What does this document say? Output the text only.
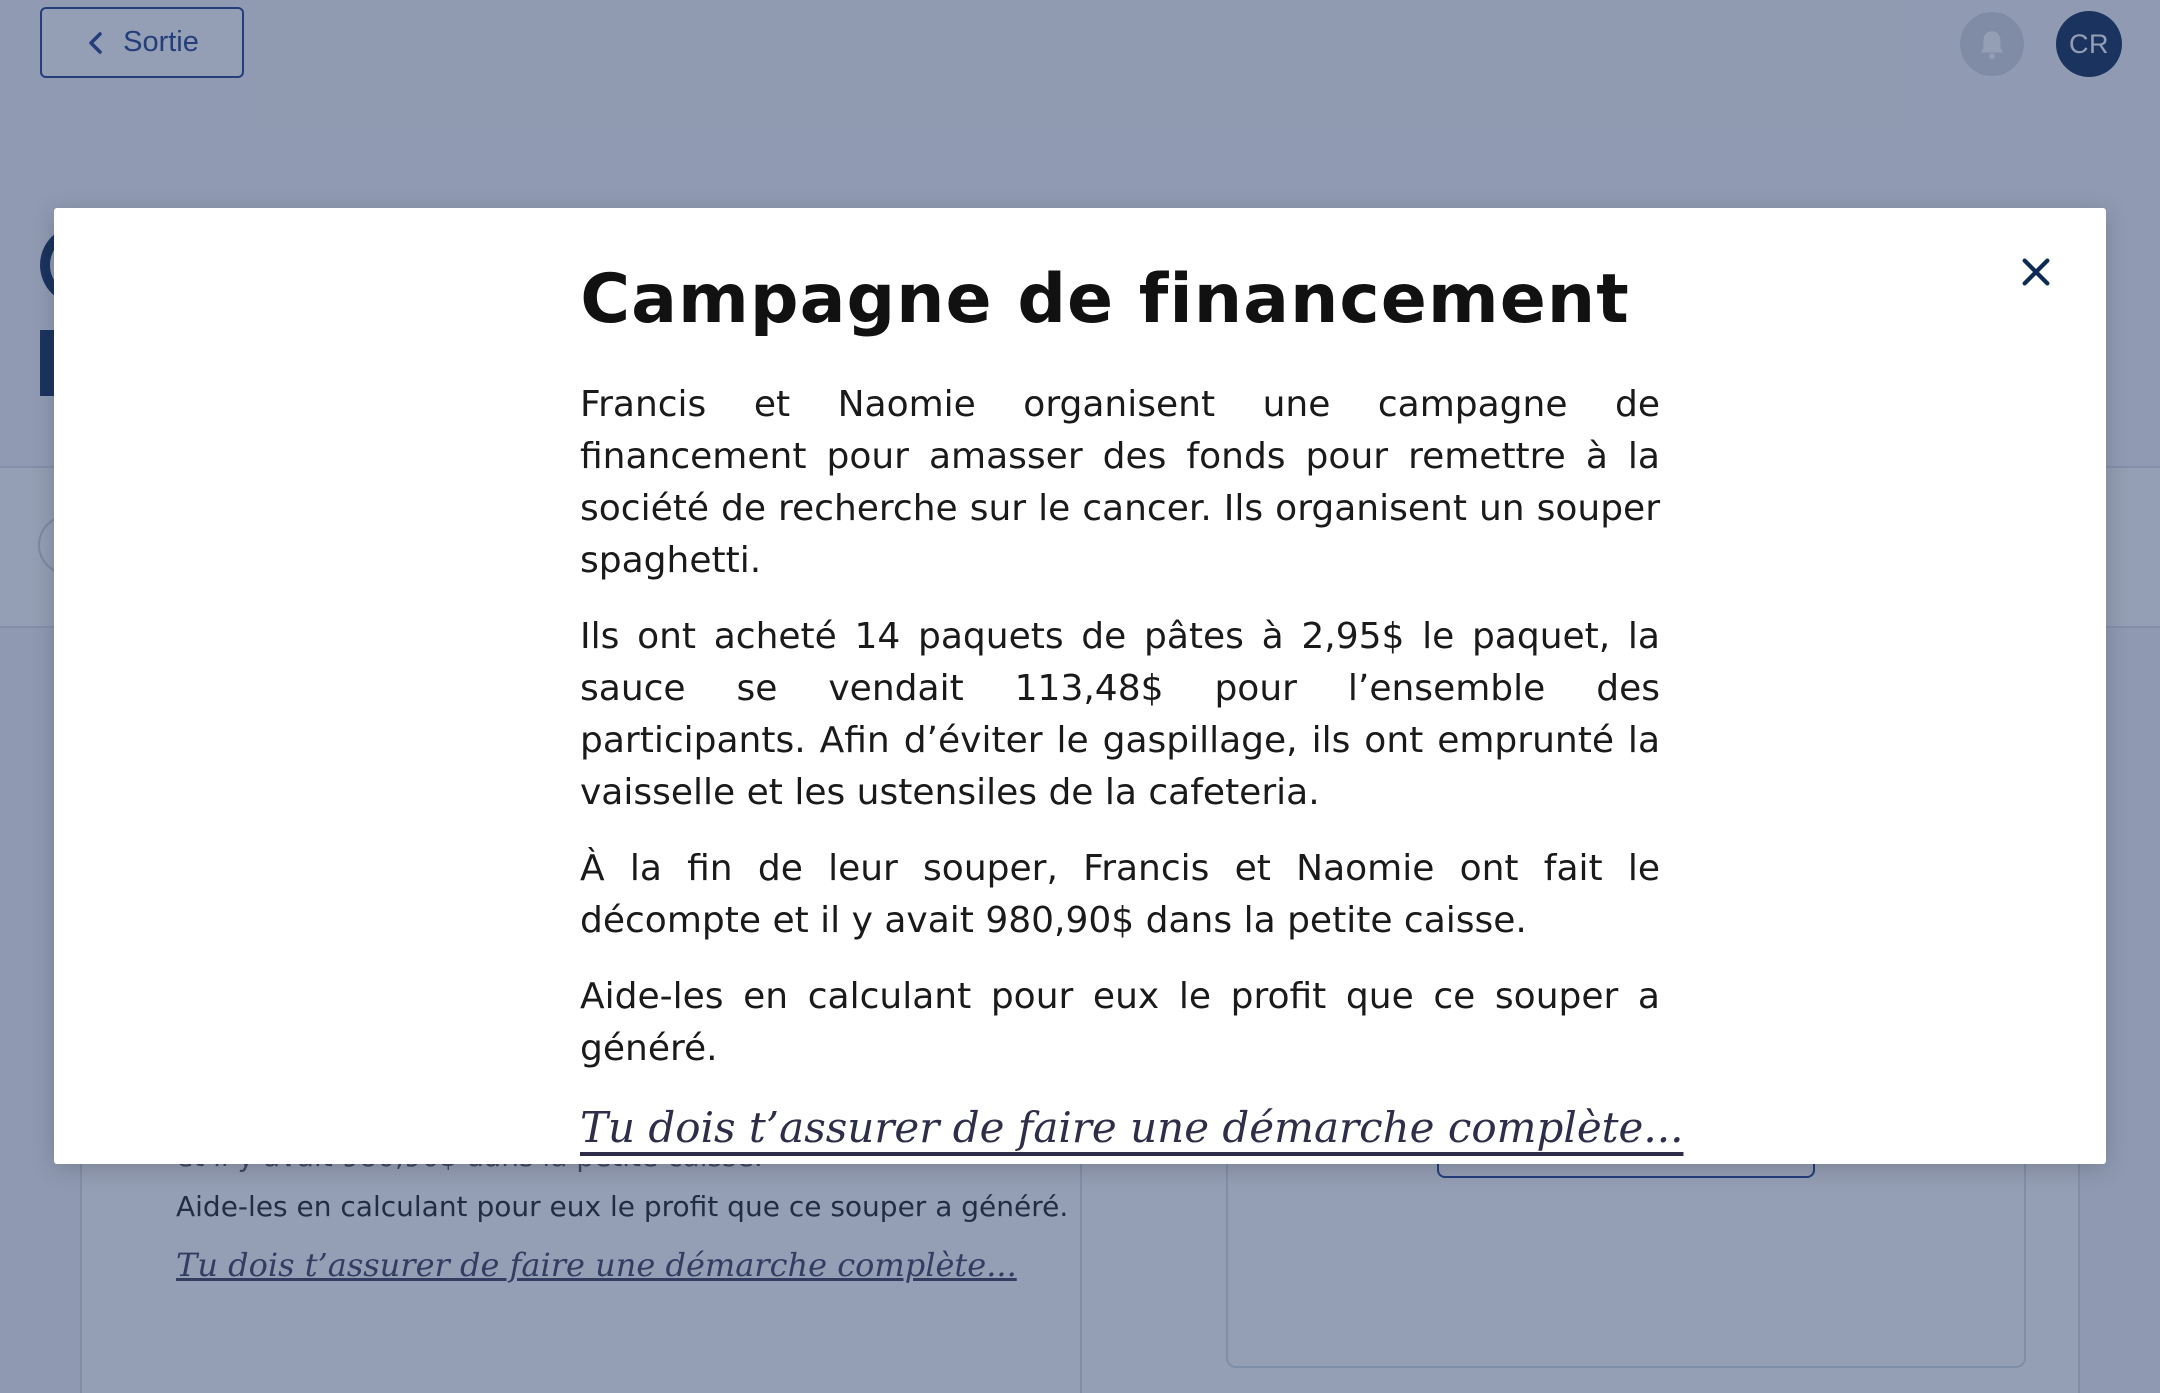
Campagne de financement

Francis et Naomie organisent une campagne de financement pour amasser des fonds pour remettre à la société de recherche sur le cancer. Ils organisent un souper spaghetti.

Ils ont acheté 14 paquets de pâtes à 2,95$ le paquet, la sauce se vendait 113,48$ pour l’ensemble des participants. Afin d’éviter le gaspillage, ils ont emprunté la vaisselle et les ustensiles de la cafeteria.

À la fin de leur souper, Francis et Naomie ont fait le décompte et il y avait 980,90$ dans la petite caisse.

Aide-les en calculant pour eux le profit que ce souper a généré.

Tu dois t’assurer de faire une démarche complète...
